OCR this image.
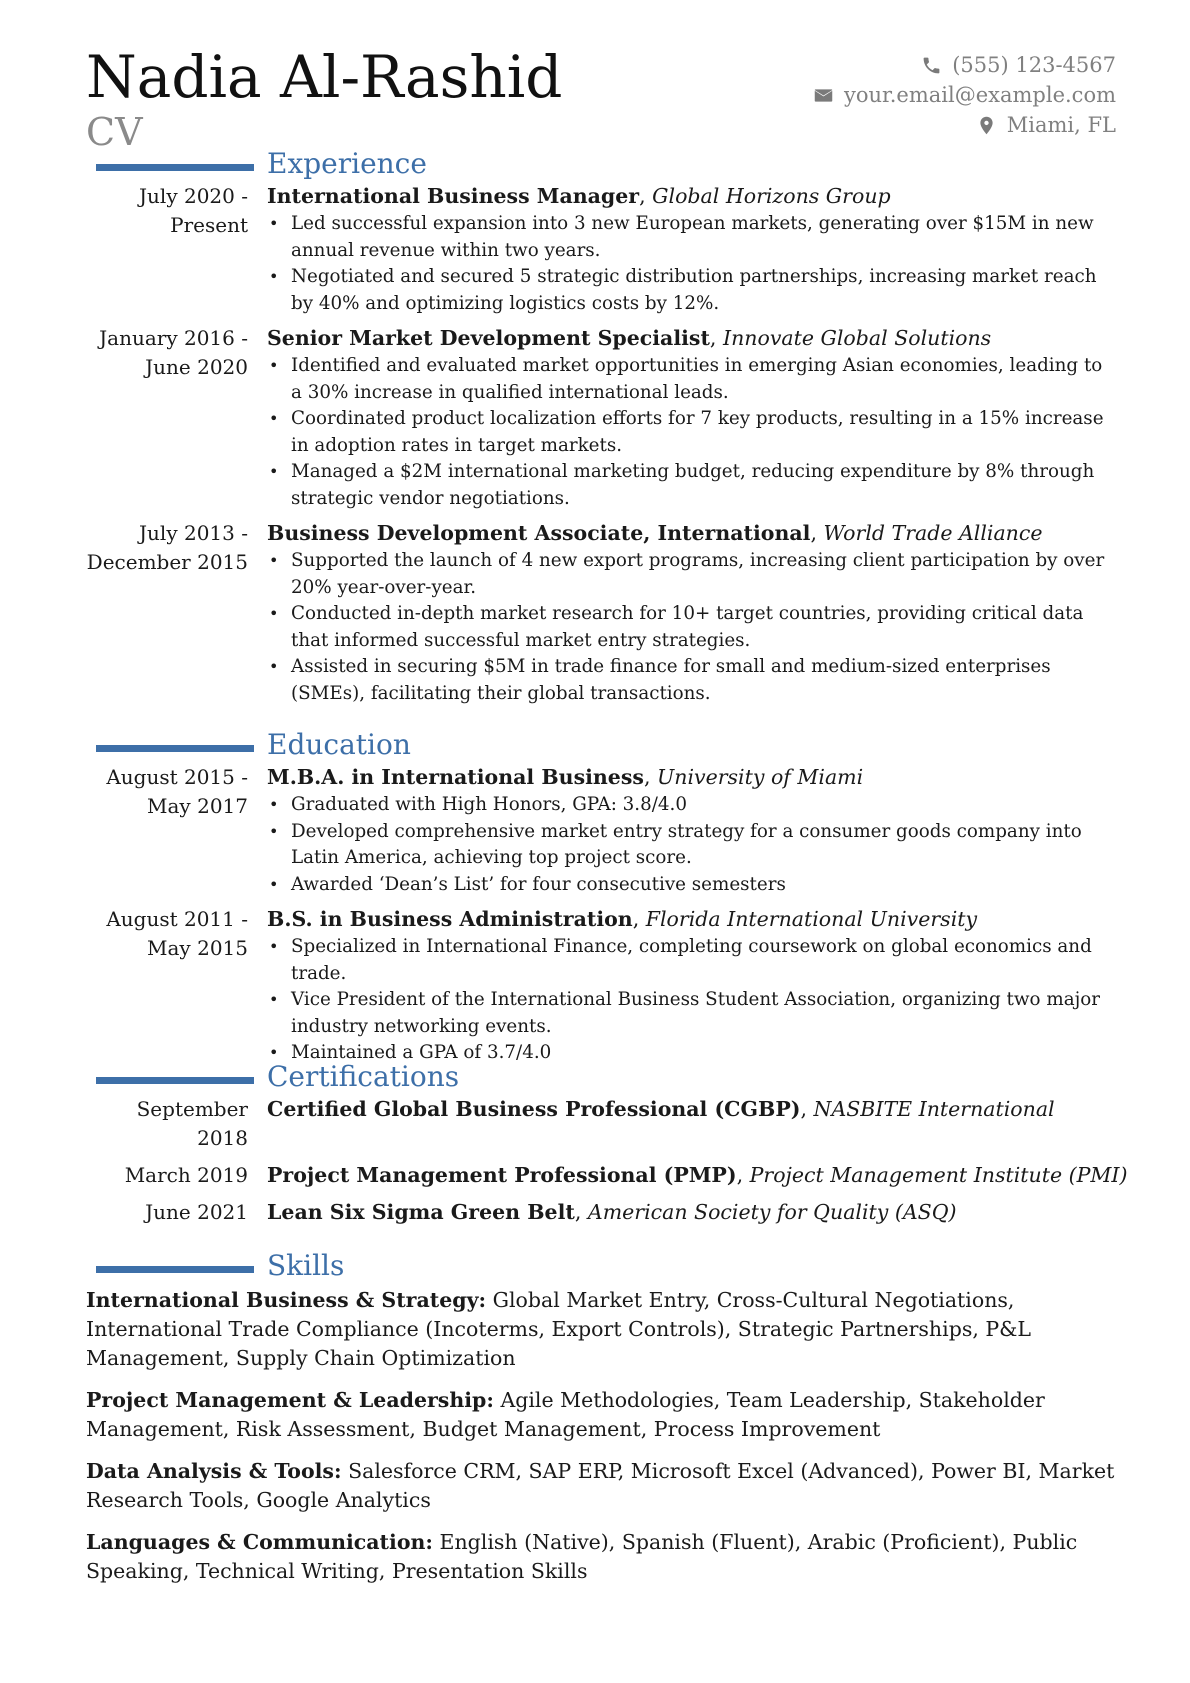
Nadia Al-Rashid
CV
(555) 123-4567
your.email@example.com
Miami, FL
Experience
July 2020 - Present
International Business Manager, Global Horizons Group
• Led successful expansion into 3 new European markets, generating over $15M in new annual revenue within two years.
• Negotiated and secured 5 strategic distribution partnerships, increasing market reach by 40% and optimizing logistics costs by 12%.
January 2016 - June 2020
Senior Market Development Specialist, Innovate Global Solutions
• Identified and evaluated market opportunities in emerging Asian economies, leading to a 30% increase in qualified international leads.
• Coordinated product localization efforts for 7 key products, resulting in a 15% increase in adoption rates in target markets.
• Managed a $2M international marketing budget, reducing expenditure by 8% through strategic vendor negotiations.
July 2013 - December 2015
Business Development Associate, International, World Trade Alliance
• Supported the launch of 4 new export programs, increasing client participation by over 20% year-over-year.
• Conducted in-depth market research for 10+ target countries, providing critical data that informed successful market entry strategies.
• Assisted in securing $5M in trade finance for small and medium-sized enterprises (SMEs), facilitating their global transactions.
Education
August 2015 - May 2017
M.B.A. in International Business, University of Miami
• Graduated with High Honors, GPA: 3.8/4.0
• Developed comprehensive market entry strategy for a consumer goods company into Latin America, achieving top project score.
• Awarded ‘Dean’s List’ for four consecutive semesters
August 2011 - May 2015
B.S. in Business Administration, Florida International University
• Specialized in International Finance, completing coursework on global economics and trade.
• Vice President of the International Business Student Association, organizing two major industry networking events.
• Maintained a GPA of 3.7/4.0
Certifications
September 2018
Certified Global Business Professional (CGBP), NASBITE International
March 2019 Project Management Professional (PMP), Project Management Institute (PMI)
June 2021 Lean Six Sigma Green Belt, American Society for Quality (ASQ)
Skills
International Business & Strategy: Global Market Entry, Cross-Cultural Negotiations, International Trade Compliance (Incoterms, Export Controls), Strategic Partnerships, P&L Management, Supply Chain Optimization
Project Management & Leadership: Agile Methodologies, Team Leadership, Stakeholder Management, Risk Assessment, Budget Management, Process Improvement
Data Analysis & Tools: Salesforce CRM, SAP ERP, Microsoft Excel (Advanced), Power BI, Market Research Tools, Google Analytics
Languages & Communication: English (Native), Spanish (Fluent), Arabic (Proficient), Public Speaking, Technical Writing, Presentation Skills
